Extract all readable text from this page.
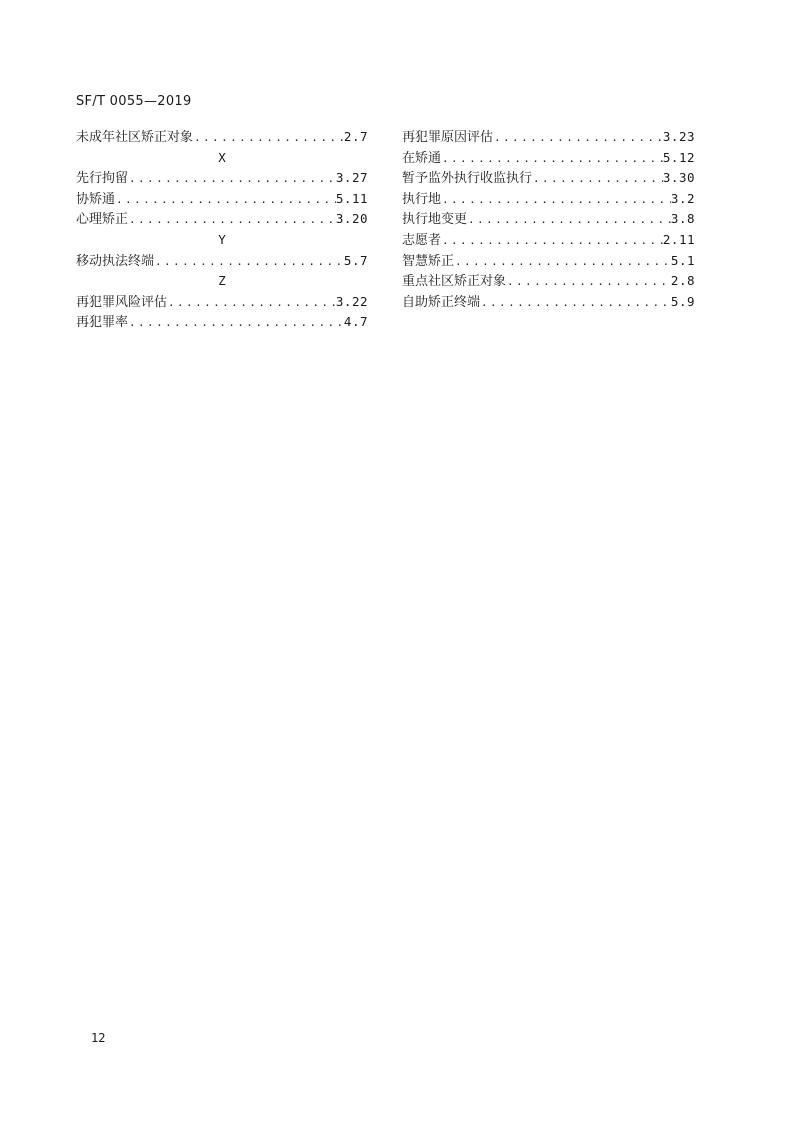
SF/T 0055—2019
未成年社区矫正对象 .....	2.7
X
先行拘留 .....	3.27
协矫通 .....	5.11
心理矫正 .....	3.20
Y
移动执法终端 .....	5.7
Z
再犯罪风险评估 .....	3.22
再犯罪率 .....	4.7
再犯罪原因评估 .....	3.23
在矫通 .....	5.12
暂予监外执行收监执行 .....	3.30
执行地 .....	3.2
执行地变更 .....	3.8
志愿者 .....	2.11
智慧矫正 .....	5.1
重点社区矫正对象 .....	2.8
自助矫正终端 .....	5.9
12
